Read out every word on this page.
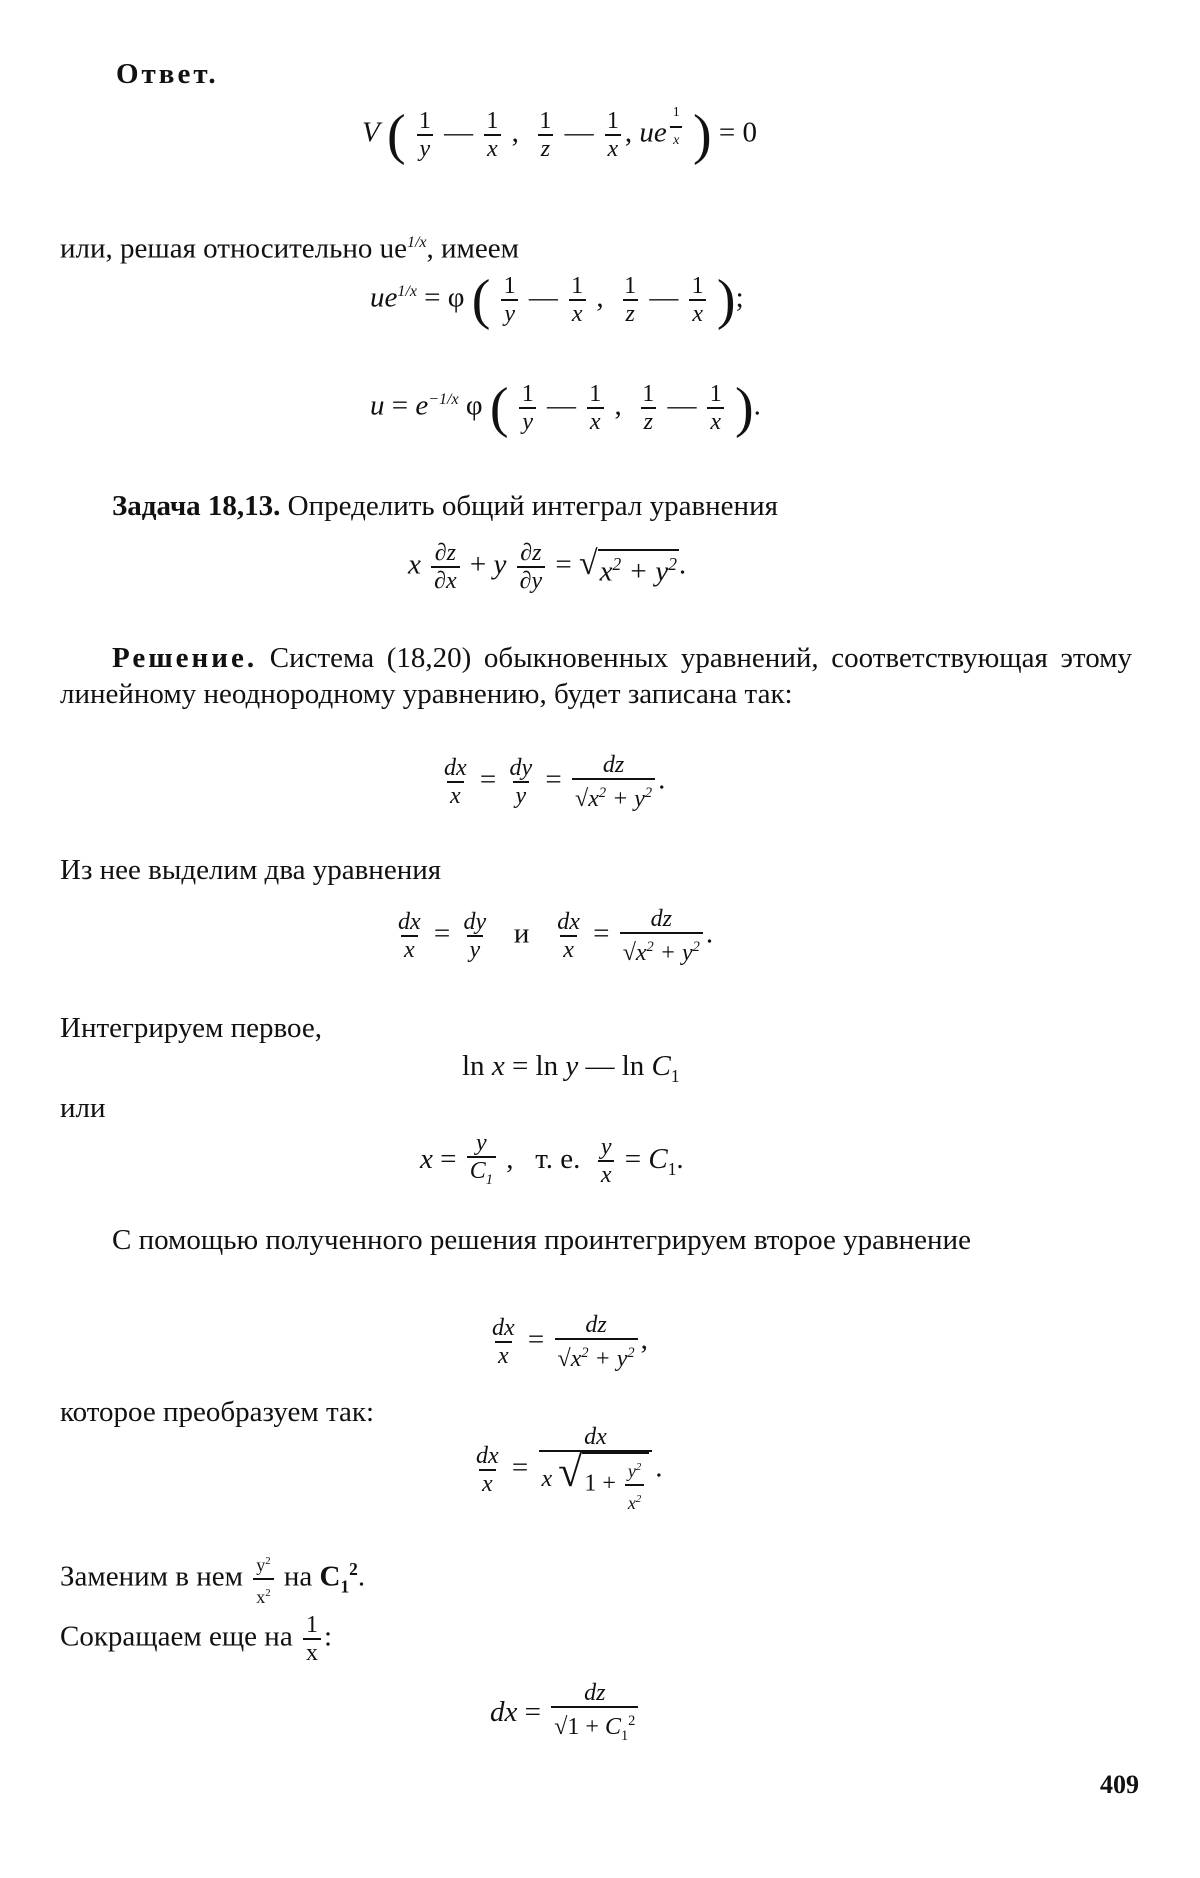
Ответ.
V ( $\frac{1}{y}$ — $\frac{1}{x}$ , $\frac{1}{z}$ — $\frac{1}{x}$ , ue $^{\frac{1}{x}}$ ) = 0
или, решая относительно $ue^{1/x}$, имеем
$ue^{1/x} = \varphi$ ( $\frac{1}{y}$ — $\frac{1}{x}$ , $\frac{1}{z}$ — $\frac{1}{x}$ );
$u = e^{-1/x}$ φ ( $\frac{1}{y}$ — $\frac{1}{x}$ , $\frac{1}{z}$ — $\frac{1}{x}$ ).
Задача 18,13. Определить общий интеграл уравнения
x $\frac{\partial z}{\partial x} + y \frac{\partial z}{\partial y}$ = √ $x^2 + y^2$ .
Решение. Система (18,20) обыкновенных уравнений, соответствующая этому линейному неоднородному уравнению, будет записана так:
$\frac{dx}{x} = \frac{dy}{y} = \frac{dz}{√x^2 + y^2}$ .
Из нее выделим два уравнения
$\frac{dx}{x} = \frac{dy}{y}$ и $\frac{dx}{x} = \frac{dz}{√x^2 + y^2}$ .
Интегрируем первое,
ln x = ln y — $\ln C_1$
или
$x = \frac{y}{C_1}$ ,   т. е. $\frac{y}{x} = C_1$.
С помощью полученного решения проинтегрируем второе уравнение
$\frac{dx}{x} = \frac{dz}{√x^2 + y^2}$ ,
которое преобразуем так:
$\frac{dx}{x} = \frac{dx}{x √ 1 + \frac{y^2}{x^2}}$ .
Заменим в нем $\frac{y^2}{x^2}$ на $C_1^2$.
Сокращаем еще на $\frac{1}{x}$ :
dx = $\frac{dz}{√1 + C_1^2}$
409
